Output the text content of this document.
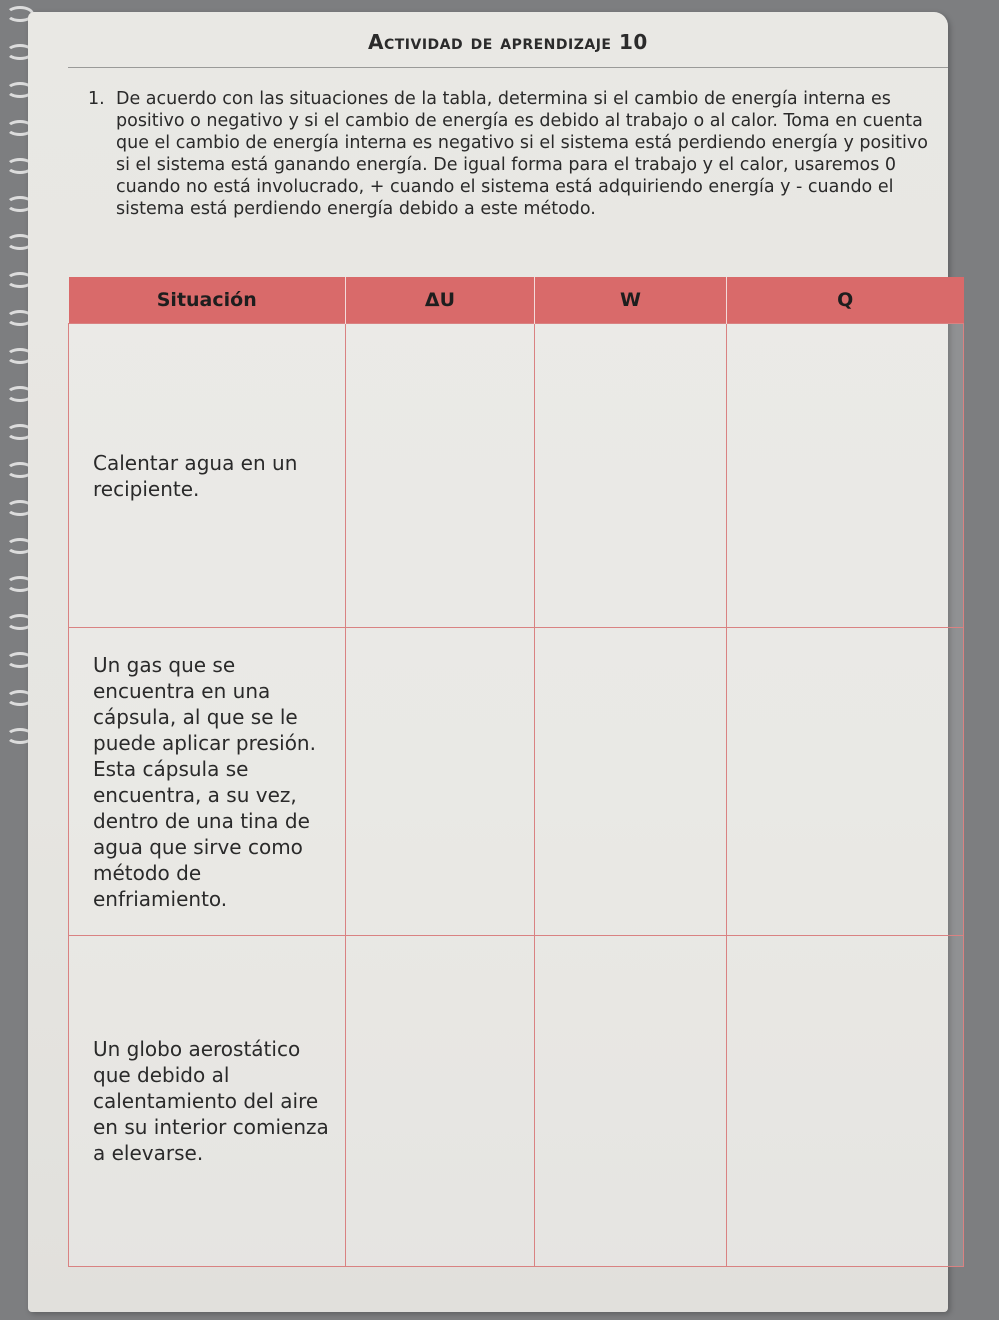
Actividad de aprendizaje 10
1. De acuerdo con las situaciones de la tabla, determina si el cambio de energía interna es positivo o negativo y si el cambio de energía es debido al trabajo o al calor. Toma en cuenta que el cambio de energía interna es negativo si el sistema está perdiendo energía y positivo si el sistema está ganando energía. De igual forma para el trabajo y el calor, usaremos 0 cuando no está involucrado, + cuando el sistema está adquiriendo energía y - cuando el sistema está perdiendo energía debido a este método.
Situación	ΔU	W	Q
Calentar agua en un recipiente.			
Un gas que se encuentra en una cápsula, al que se le puede aplicar presión. Esta cápsula se encuentra, a su vez, dentro de una tina de agua que sirve como método de enfriamiento.			
Un globo aerostático que debido al calentamiento del aire en su interior comienza a elevarse.			
